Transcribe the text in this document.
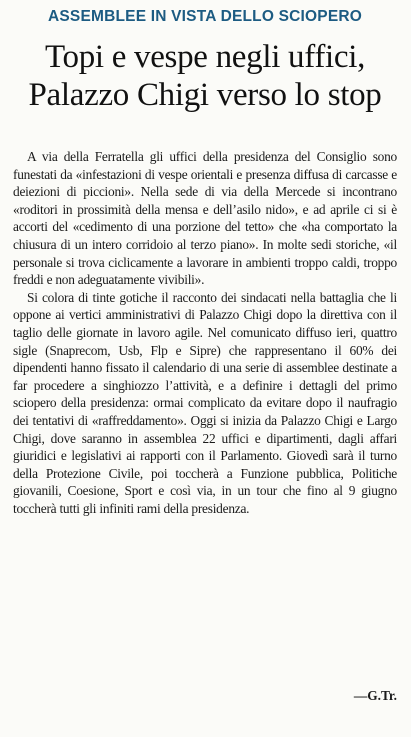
ASSEMBLEE IN VISTA DELLO SCIOPERO
Topi e vespe negli uffici,
Palazzo Chigi verso lo stop

A via della Ferratella gli uffici della presidenza del Consiglio sono funestati da «infestazioni di vespe orientali e presenza diffusa di carcasse e deiezioni di piccioni». Nella sede di via della Mercede si incontrano «roditori in prossimità della mensa e dell’asilo nido», e ad aprile ci si è accorti del «cedimento di una porzione del tetto» che «ha comportato la chiusura di un intero corridoio al terzo piano». In molte sedi storiche, «il personale si trova ciclicamente a lavorare in ambienti troppo caldi, troppo freddi e non adeguatamente vivibili».

Si colora di tinte gotiche il racconto dei sindacati nella battaglia che li oppone ai vertici amministrativi di Palazzo Chigi dopo la direttiva con il taglio delle giornate in lavoro agile. Nel comunicato diffuso ieri, quattro sigle (Snaprecom, Usb, Flp e Sipre) che rappresentano il 60% dei dipendenti hanno fissato il calendario di una serie di assemblee destinate a far procedere a singhiozzo l’attività, e a definire i dettagli del primo sciopero della presidenza: ormai complicato da evitare dopo il naufragio dei tentativi di «raffreddamento». Oggi si inizia da Palazzo Chigi e Largo Chigi, dove saranno in assemblea 22 uffici e dipartimenti, dagli affari giuridici e legislativi ai rapporti con il Parlamento. Giovedì sarà il turno della Protezione Civile, poi toccherà a Funzione pubblica, Politiche giovanili, Coesione, Sport e così via, in un tour che fino al 9 giugno toccherà tutti gli infiniti rami della presidenza.

—G.Tr.
